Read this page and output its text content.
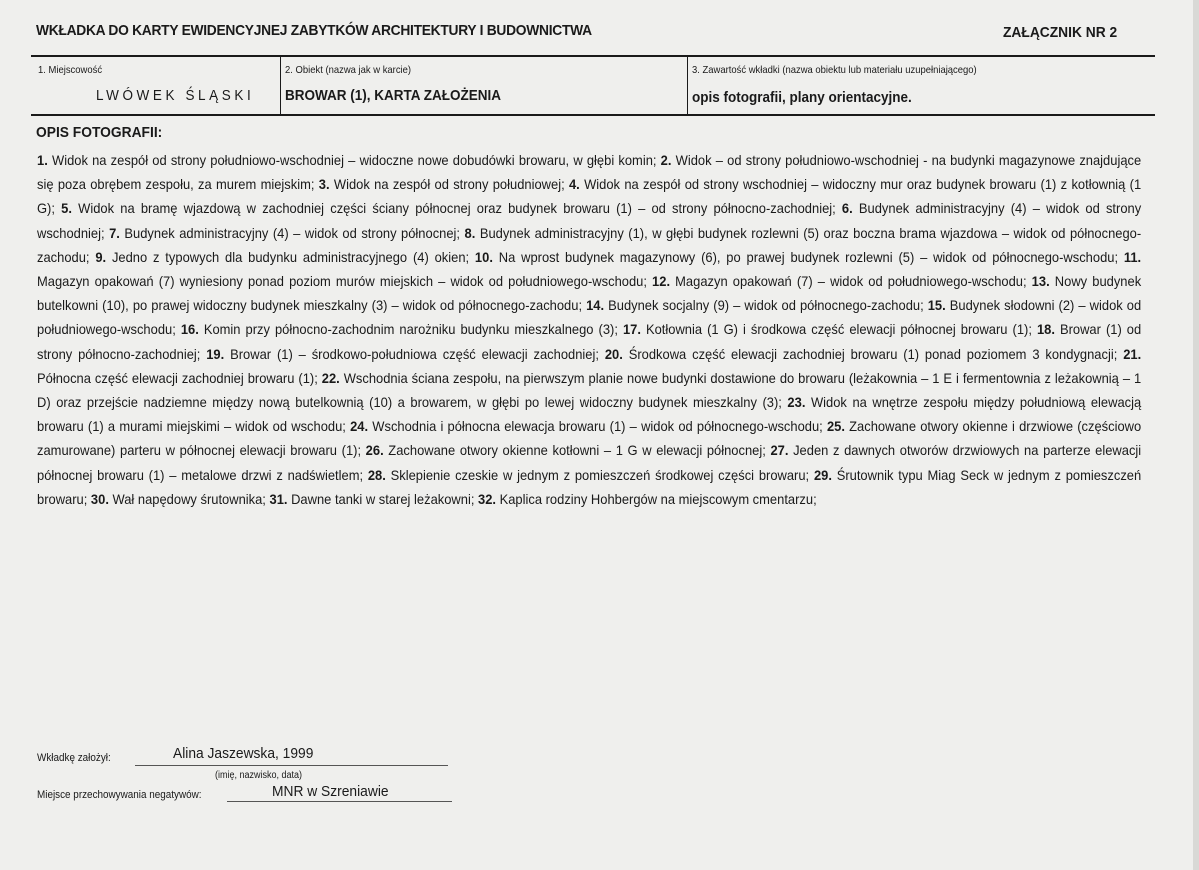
WKŁADKA DO KARTY EWIDENCYJNEJ ZABYTKÓW ARCHITEKTURY I BUDOWNICTWA	ZAŁĄCZNIK NR 2
1. Miejscowość
LWÓWEK ŚLĄSKI
2. Obiekt (nazwa jak w karcie)
BROWAR (1), KARTA ZAŁOŻENIA
3. Zawartość wkładki (nazwa obiektu lub materiału uzupełniającego)
opis fotografii, plany orientacyjne.
OPIS FOTOGRAFII:
1. Widok na zespół od strony południowo-wschodniej – widoczne nowe dobudówki browaru, w głębi komin; 2. Widok – od strony południowo-wschodniej - na budynki magazynowe znajdujące się poza obrębem zespołu, za murem miejskim; 3. Widok na zespół od strony południowej; 4. Widok na zespół od strony wschodniej – widoczny mur oraz budynek browaru (1) z kotłownią (1 G); 5. Widok na bramę wjazdową w zachodniej części ściany północnej oraz budynek browaru (1) – od strony północno-zachodniej; 6. Budynek administracyjny (4) – widok od strony wschodniej; 7. Budynek administracyjny (4) – widok od strony północnej; 8. Budynek administracyjny (1), w głębi budynek rozlewni (5) oraz boczna brama wjazdowa – widok od północnego-zachodu; 9. Jedno z typowych dla budynku administracyjnego (4) okien; 10. Na wprost budynek magazynowy (6), po prawej budynek rozlewni (5) – widok od północnego-wschodu; 11. Magazyn opakowań (7) wyniesiony ponad poziom murów miejskich – widok od południowego-wschodu; 12. Magazyn opakowań (7) – widok od południowego-wschodu; 13. Nowy budynek butelkowni (10), po prawej widoczny budynek mieszkalny (3) – widok od północnego-zachodu; 14. Budynek socjalny (9) – widok od północnego-zachodu; 15. Budynek słodowni (2) – widok od południowego-wschodu; 16. Komin przy północno-zachodnim narożniku budynku mieszkalnego (3); 17. Kotłownia (1 G) i środkowa część elewacji północnej browaru (1); 18. Browar (1) od strony północno-zachodniej; 19. Browar (1) – środkowo-południowa część elewacji zachodniej; 20. Środkowa część elewacji zachodniej browaru (1) ponad poziomem 3 kondygnacji; 21. Północna część elewacji zachodniej browaru (1); 22. Wschodnia ściana zespołu, na pierwszym planie nowe budynki dostawione do browaru (leżakownia – 1 E i fermentownia z leżakownią – 1 D) oraz przejście nadziemne między nową butelkownią (10) a browarem, w głębi po lewej widoczny budynek mieszkalny (3); 23. Widok na wnętrze zespołu między południową elewacją browaru (1) a murami miejskimi – widok od wschodu; 24. Wschodnia i północna elewacja browaru (1) – widok od północnego-wschodu; 25. Zachowane otwory okienne i drzwiowe (częściowo zamurowane) parteru w północnej elewacji browaru (1); 26. Zachowane otwory okienne kotłowni – 1 G w elewacji północnej; 27. Jeden z dawnych otworów drzwiowych na parterze elewacji północnej browaru (1) – metalowe drzwi z nadświetlem; 28. Sklepienie czeskie w jednym z pomieszczeń środkowej części browaru; 29. Śrutownik typu Miag Seck w jednym z pomieszczeń browaru; 30. Wał napędowy śrutownika; 31. Dawne tanki w starej leżakowni; 32. Kaplica rodziny Hohbergów na miejscowym cmentarzu;
Wkładkę założył:	Alina Jaszewska, 1999
(imię, nazwisko, data)
Miejsce przechowywania negatywów:	MNR w Szreniawie
